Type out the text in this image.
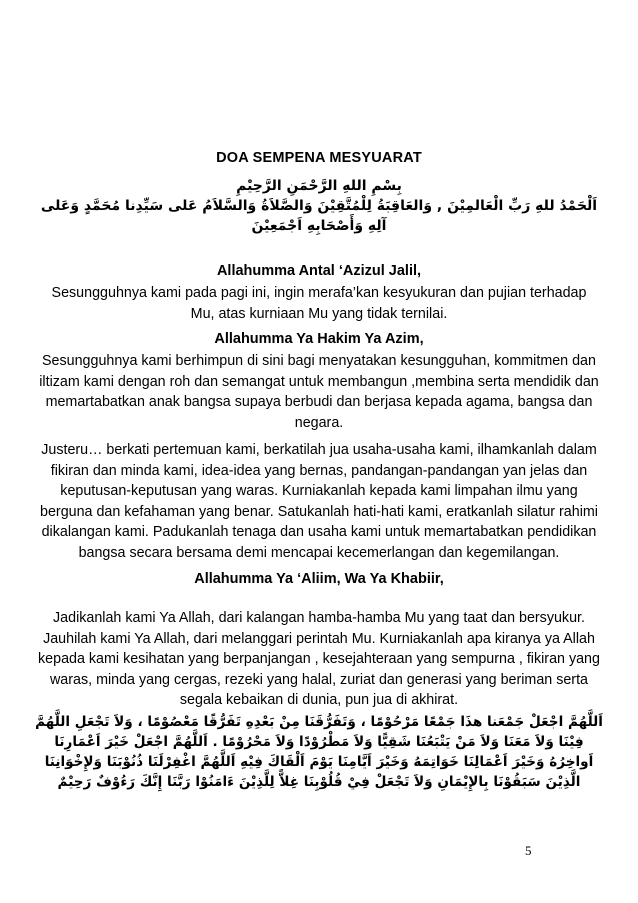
DOA SEMPENA MESYUARAT
بِسْمِ اللهِ الرَّحْمَنِ الرَّحِيْمِ
اَلْحَمْدُ للهِ رَبِّ الْعَالمِيْنَ , وَالعَاقِبَةُ لِلْمُتَّقِيْنَ وَالصَّلاَةُ وَالسَّلاَمُ عَلى سَيِّدِنا مُحَمَّدٍ وَعَلى آلِهِ وَأَصْحَابِهِ اَجْمَعِيْنَ
Allahumma Antal ‘Azizul Jalil,
Sesungguhnya kami pada pagi ini, ingin merafa’kan kesyukuran dan pujian terhadap Mu, atas kurniaan Mu yang tidak ternilai.
Allahumma Ya Hakim Ya Azim,
Sesungguhnya kami berhimpun di sini bagi menyatakan kesungguhan, kommitmen dan iltizam kami dengan roh dan semangat untuk membangun ,membina serta mendidik dan memartabatkan anak bangsa supaya berbudi dan berjasa kepada agama, bangsa dan negara.
Justeru… berkati pertemuan kami, berkatilah jua usaha-usaha kami, ilhamkanlah dalam fikiran dan minda kami, idea-idea yang bernas, pandangan-pandangan yan jelas dan keputusan-keputusan yang waras. Kurniakanlah kepada kami limpahan ilmu yang berguna dan kefahaman yang benar. Satukanlah hati-hati kami, eratkanlah silatur rahimi dikalangan kami. Padukanlah tenaga dan usaha kami untuk memartabatkan pendidikan bangsa secara bersama demi mencapai kecemerlangan dan kegemilangan.
Allahumma Ya ‘Aliim, Wa Ya Khabiir,
Jadikanlah kami Ya Allah, dari kalangan hamba-hamba Mu yang taat dan bersyukur. Jauhilah kami Ya Allah, dari melanggari perintah Mu. Kurniakanlah apa kiranya ya Allah kepada kami kesihatan yang berpanjangan , kesejahteraan yang sempurna , fikiran yang waras, minda yang cergas, rezeki yang halal, zuriat dan generasi yang beriman serta segala kebaikan di dunia, pun jua di akhirat.
اَللَّهُمَّ اجْعَلْ جَمْعَنا هذَا جَمْعًا مَرْحُوْمًا ، وَتَفَرُّقَنَا مِنْ بَعْدِهِ تَفَرُّقًا مَعْصُوْمًا ، وَلاَ تَجْعَلِ اللَّهُمَّ فِيْنَا وَلاَ مَعَنَا وَلاَ مَنْ يَتْبَعُنَا شَقِيًّا وَلاَ مَطْرُوْدًا وَلاَ مَحْرُوْمًا . اَللَّهُمَّ اجْعَلْ خَيْرَ اَعْمَارِنَا اَواخِرُهُ وَخَيْرَ اَعْمَالِنَا خَوَاتِمَهُ وَخَيْرَ اَيَّامِنَا يَوْمَ اَلْقَاكَ فِيْهِ اَللَّهُمَّ اغْفِرْلَنَا ذُنُوْبَنَا وَلإِخْوَانِنَا الَّذِيْنَ سَبَقُوْنَا بِالإِيْمَانِ وَلاَ تَجْعَلْ فِيْ قُلُوْبِنَا غِلاًّ لِلَّذِيْنَ ءَامَنُوْا رَبَّنَا إِنَّكَ رَءُوْفٌ رَحِيْمٌ
5
